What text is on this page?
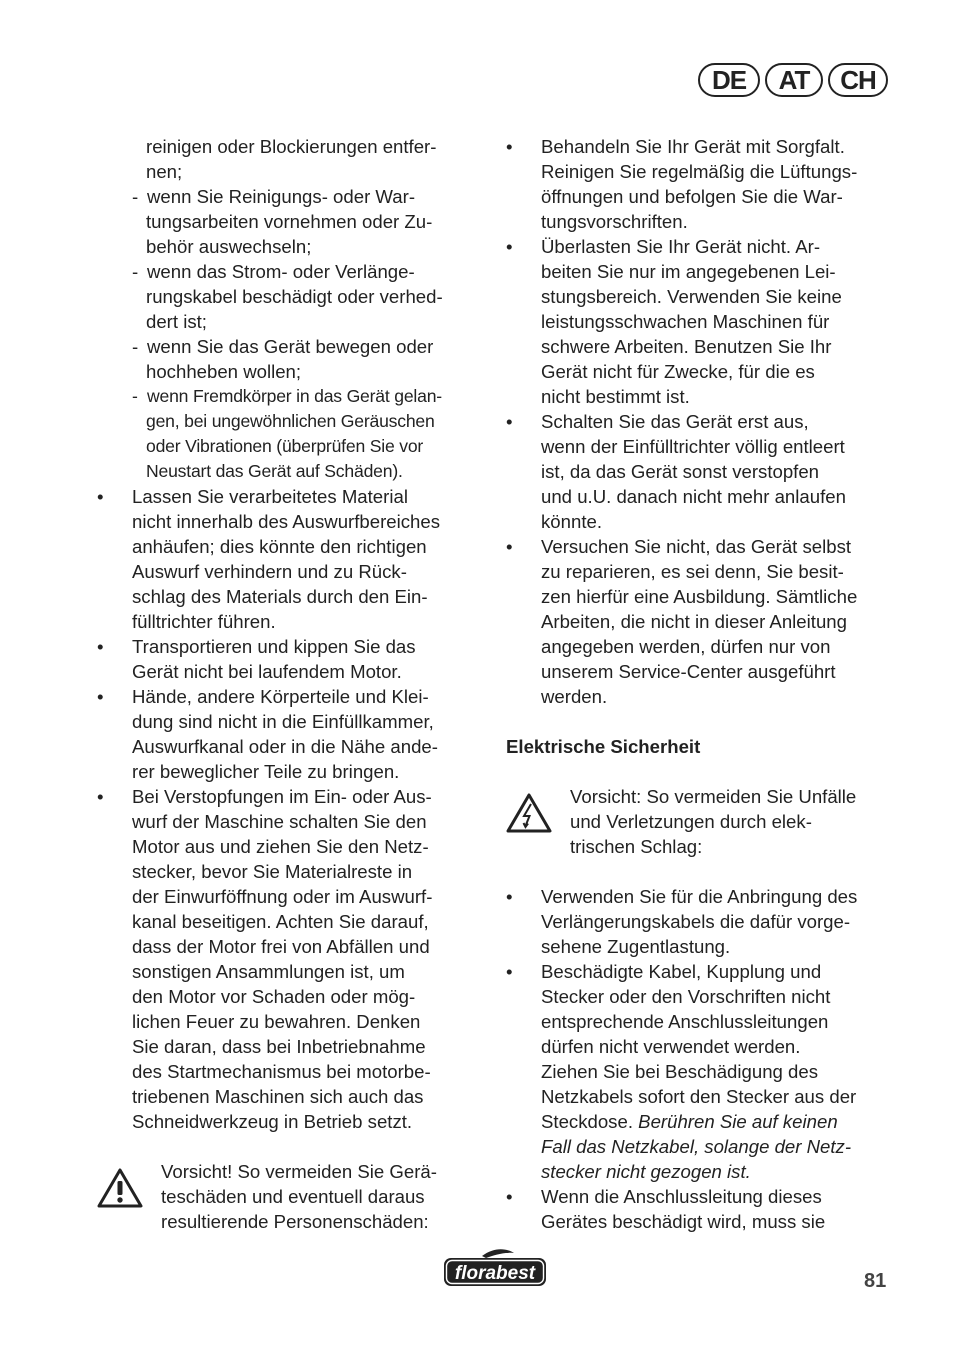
DE	AT	CH
reinigen oder Blockierungen entfer-
nen;
- wenn Sie Reinigungs- oder War-
tungsarbeiten vornehmen oder Zu-
behör auswechseln;
- wenn das Strom- oder Verlänge-
rungskabel beschädigt oder verhed-
dert ist;
- wenn Sie das Gerät bewegen oder
hochheben wollen;
- wenn Fremdkörper in das Gerät gelan-
gen, bei ungewöhnlichen Geräuschen
oder Vibrationen (überprüfen Sie vor
Neustart das Gerät auf Schäden).
• Lassen Sie verarbeitetes Material
nicht innerhalb des Auswurfbereiches
anhäufen; dies könnte den richtigen
Auswurf verhindern und zu Rück-
schlag des Materials durch den Ein-
fülltrichter führen.
• Transportieren und kippen Sie das
Gerät nicht bei laufendem Motor.
• Hände, andere Körperteile und Klei-
dung sind nicht in die Einfüllkammer,
Auswurfkanal oder in die Nähe ande-
rer beweglicher Teile zu bringen.
• Bei Verstopfungen im Ein- oder Aus-
wurf der Maschine schalten Sie den
Motor aus und ziehen Sie den Netz-
stecker, bevor Sie Materialreste in
der Einwurföffnung oder im Auswurf-
kanal beseitigen. Achten Sie darauf,
dass der Motor frei von Abfällen und
sonstigen Ansammlungen ist, um
den Motor vor Schaden oder mög-
lichen Feuer zu bewahren. Denken
Sie daran, dass bei Inbetriebnahme
des Startmechanismus bei motorbe-
triebenen Maschinen sich auch das
Schneidwerkzeug in Betrieb setzt.
Vorsicht! So vermeiden Sie Gerä-
teschäden und eventuell daraus
resultierende Personenschäden:
• Behandeln Sie Ihr Gerät mit Sorgfalt.
Reinigen Sie regelmäßig die Lüftungs-
öffnungen und befolgen Sie die War-
tungsvorschriften.
• Überlasten Sie Ihr Gerät nicht. Ar-
beiten Sie nur im angegebenen Lei-
stungsbereich. Verwenden Sie keine
leistungsschwachen Maschinen für
schwere Arbeiten. Benutzen Sie Ihr
Gerät nicht für Zwecke, für die es
nicht bestimmt ist.
• Schalten Sie das Gerät erst aus,
wenn der Einfülltrichter völlig entleert
ist, da das Gerät sonst verstopfen
und u.U. danach nicht mehr anlaufen
könnte.
• Versuchen Sie nicht, das Gerät selbst
zu reparieren, es sei denn, Sie besit-
zen hierfür eine Ausbildung. Sämtliche
Arbeiten, die nicht in dieser Anleitung
angegeben werden, dürfen nur von
unserem Service-Center ausgeführt
werden.
Elektrische Sicherheit
Vorsicht: So vermeiden Sie Unfälle
und Verletzungen durch elek-
trischen Schlag:
• Verwenden Sie für die Anbringung des
Verlängerungskabels die dafür vorge-
sehene Zugentlastung.
• Beschädigte Kabel, Kupplung und
Stecker oder den Vorschriften nicht
entsprechende Anschlussleitungen
dürfen nicht verwendet werden.
Ziehen Sie bei Beschädigung des
Netzkabels sofort den Stecker aus der
Steckdose. Berühren Sie auf keinen
Fall das Netzkabel, solange der Netz-
stecker nicht gezogen ist.
• Wenn die Anschlussleitung dieses
Gerätes beschädigt wird, muss sie
florabest	81
